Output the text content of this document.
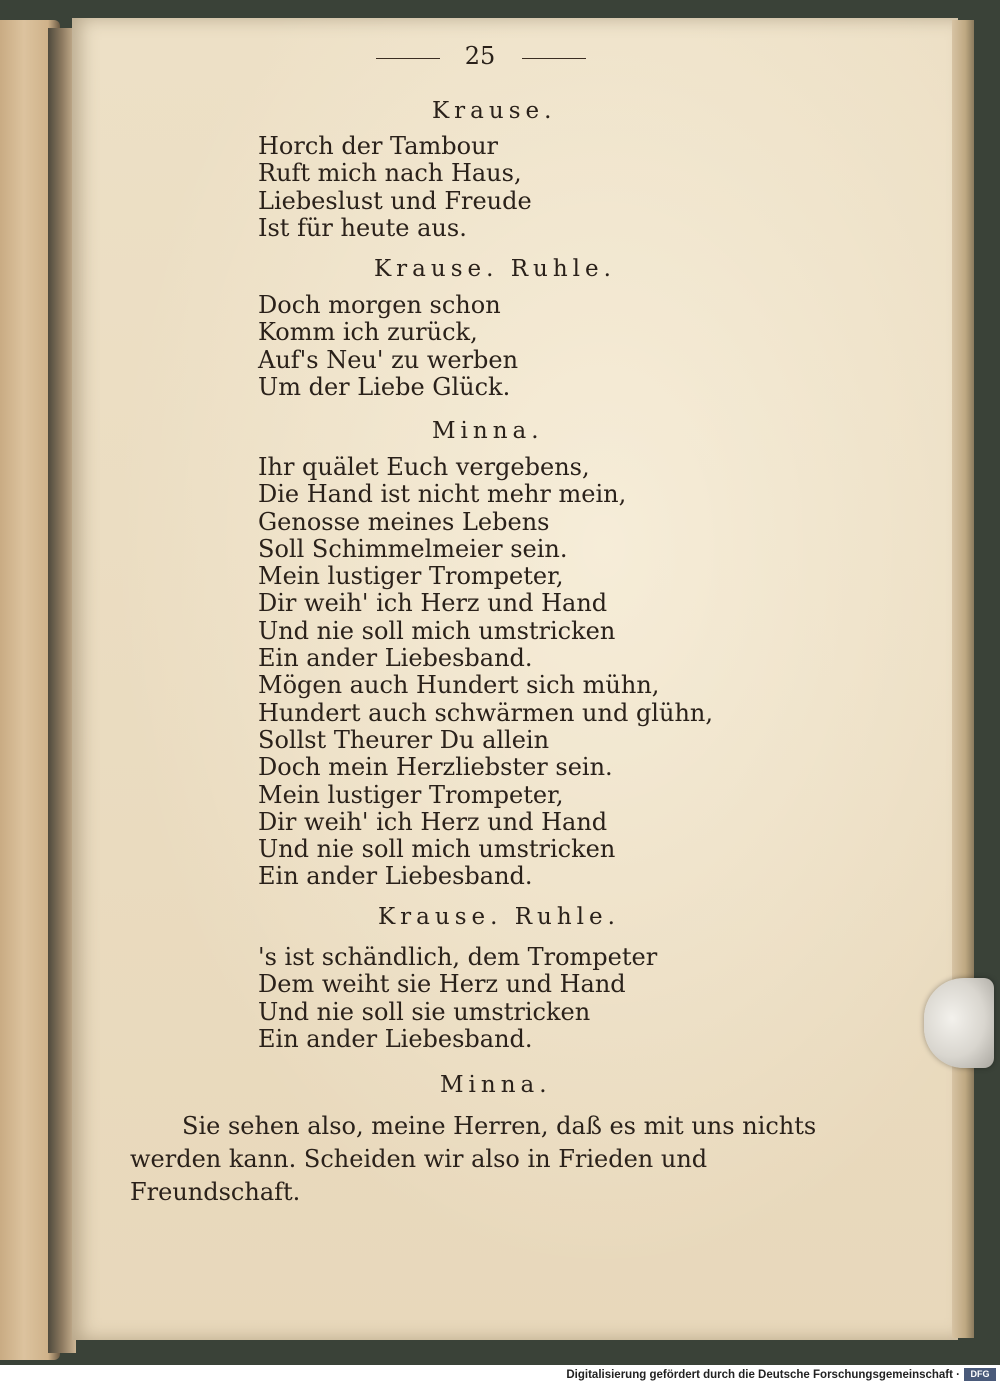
25
Krause.
Horch der Tambour
Ruft mich nach Haus,
Liebeslust und Freude
Ist für heute aus.
Krause. Ruhle.
Doch morgen schon
Komm ich zurück,
Auf's Neu' zu werben
Um der Liebe Glück.
Minna.
Ihr quälet Euch vergebens,
Die Hand ist nicht mehr mein,
Genosse meines Lebens
Soll Schimmelmeier sein.
Mein lustiger Trompeter,
Dir weih' ich Herz und Hand
Und nie soll mich umstricken
Ein ander Liebesband.
Mögen auch Hundert sich mühn,
Hundert auch schwärmen und glühn,
Sollst Theurer Du allein
Doch mein Herzliebster sein.
Mein lustiger Trompeter,
Dir weih' ich Herz und Hand
Und nie soll mich umstricken
Ein ander Liebesband.
Krause. Ruhle.
's ist schändlich, dem Trompeter
Dem weiht sie Herz und Hand
Und nie soll sie umstricken
Ein ander Liebesband.
Minna.
Sie sehen also, meine Herren, daß es mit uns nichts
werden kann. Scheiden wir also in Frieden und Freundschaft.
Digitalisierung gefördert durch die Deutsche Forschungsgemeinschaft ·	DFG
